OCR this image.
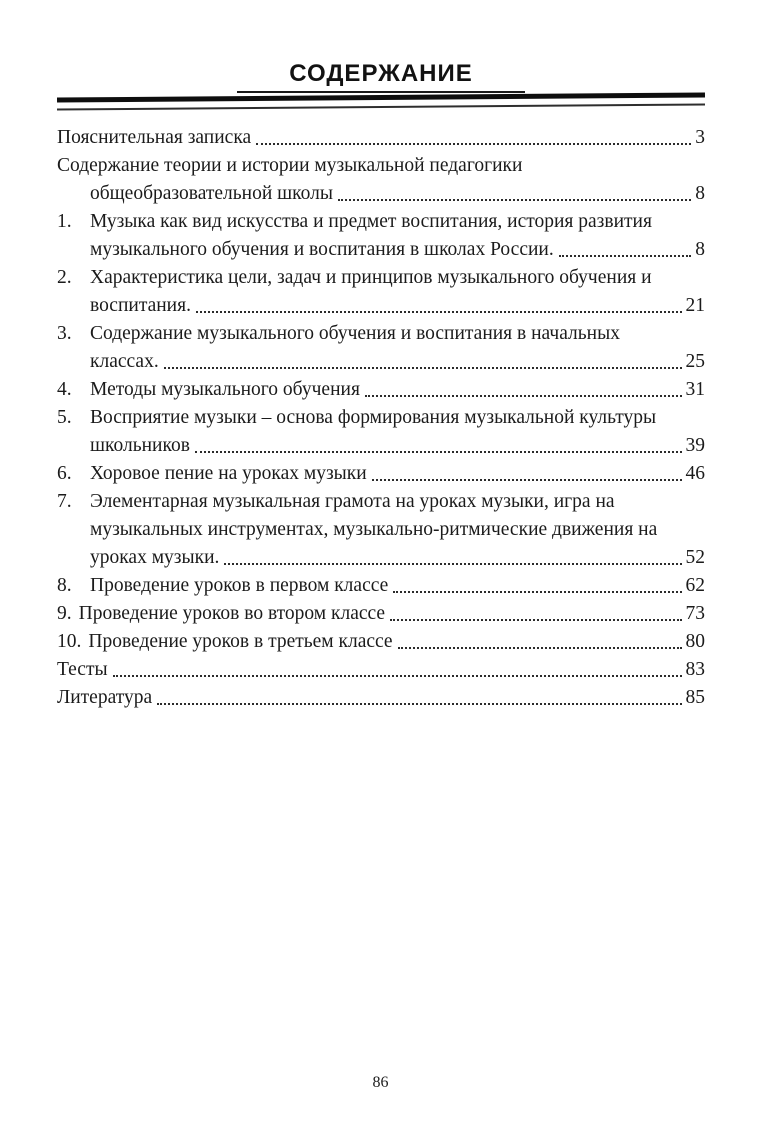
СОДЕРЖАНИЕ
Пояснительная записка	3
Содержание теории и истории музыкальной педагогики
общеобразовательной школы	8
1. Музыка как вид искусства и предмет воспитания, история развития
музыкального обучения и воспитания в школах России.	8
2. Характеристика цели, задач и принципов музыкального обучения и
воспитания.	21
3. Содержание музыкального обучения и воспитания в начальных
классах.	25
4. Методы музыкального обучения	31
5. Восприятие музыки – основа формирования музыкальной культуры
школьников	39
6. Хоровое пение на уроках музыки	46
7. Элементарная музыкальная грамота на уроках музыки, игра на
музыкальных инструментах, музыкально-ритмические движения на
уроках музыки.	52
8. Проведение уроков в первом классе	62
9. Проведение уроков во втором классе	73
10. Проведение уроков в третьем классе	80
Тесты	83
Литература	85
86
